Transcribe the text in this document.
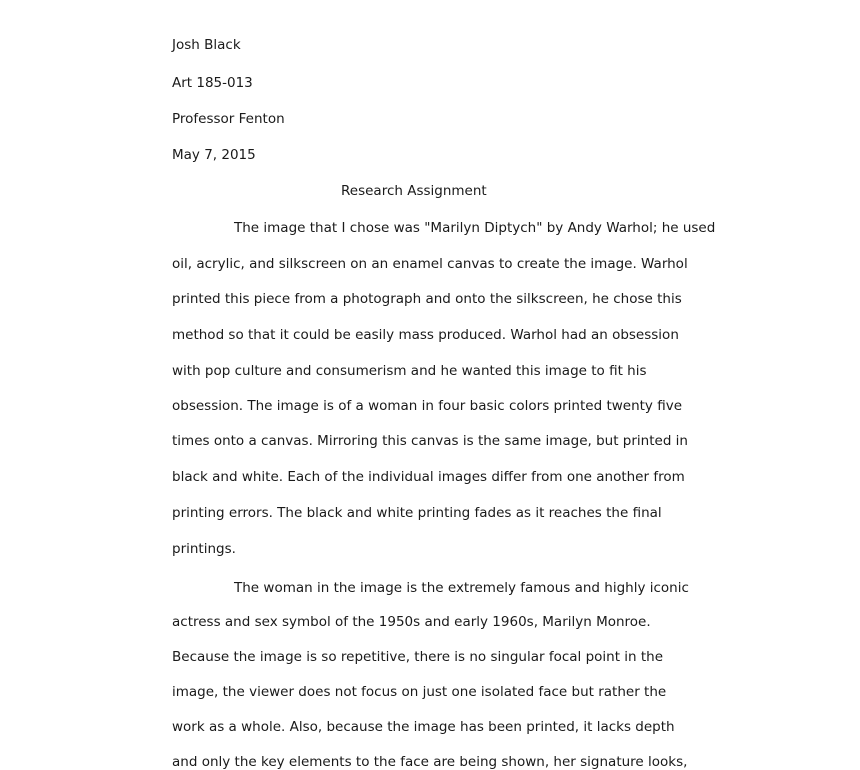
Josh Black
Art 185-013
Professor Fenton
May 7, 2015
Research Assignment
The image that I chose was "Marilyn Diptych" by Andy Warhol; he used
oil, acrylic, and silkscreen on an enamel canvas to create the image. Warhol
printed this piece from a photograph and onto the silkscreen, he chose this
method so that it could be easily mass produced. Warhol had an obsession
with pop culture and consumerism and he wanted this image to fit his
obsession. The image is of a woman in four basic colors printed twenty five
times onto a canvas. Mirroring this canvas is the same image, but printed in
black and white. Each of the individual images differ from one another from
printing errors. The black and white printing fades as it reaches the final
printings.
The woman in the image is the extremely famous and highly iconic
actress and sex symbol of the 1950s and early 1960s, Marilyn Monroe.
Because the image is so repetitive, there is no singular focal point in the
image, the viewer does not focus on just one isolated face but rather the
work as a whole. Also, because the image has been printed, it lacks depth
and only the key elements to the face are being shown, her signature looks,
